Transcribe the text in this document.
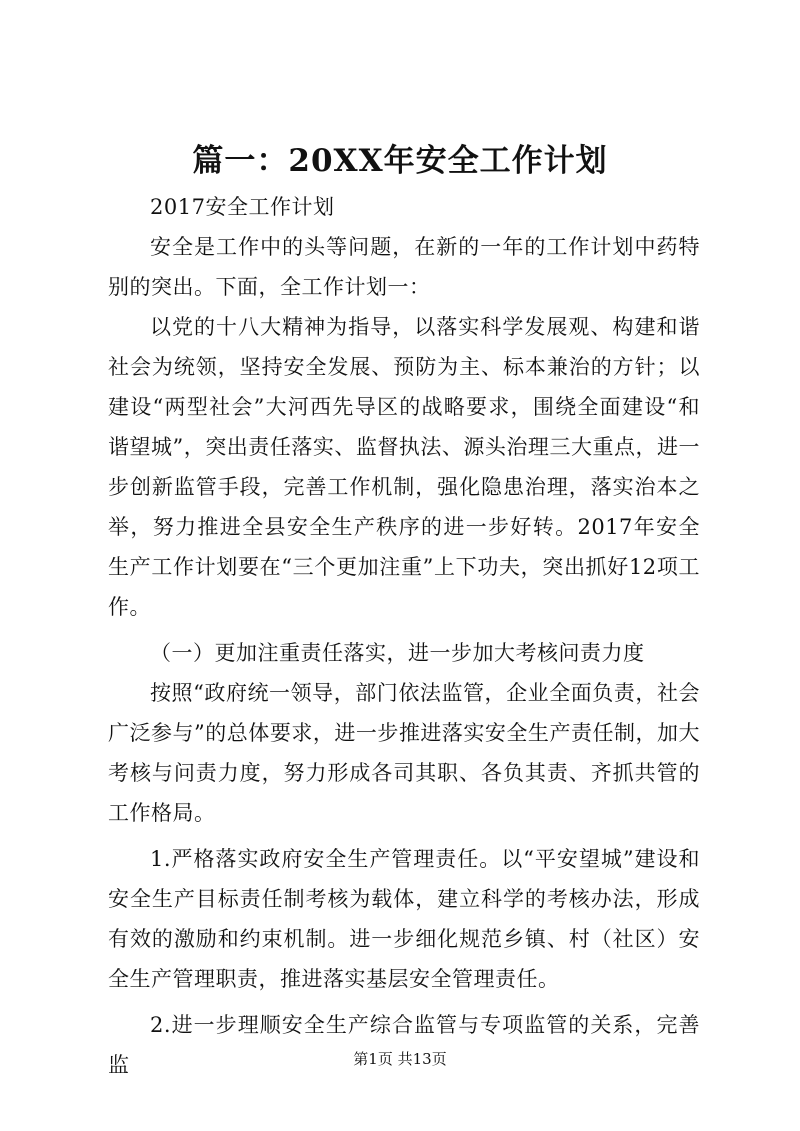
篇一：20XX年安全工作计划

2017安全工作计划

安全是工作中的头等问题，在新的一年的工作计划中药特别的突出。下面，全工作计划一：

以党的十八大精神为指导，以落实科学发展观、构建和谐社会为统领，坚持安全发展、预防为主、标本兼治的方针；以建设“两型社会”大河西先导区的战略要求，围绕全面建设“和谐望城”，突出责任落实、监督执法、源头治理三大重点，进一步创新监管手段，完善工作机制，强化隐患治理，落实治本之举，努力推进全县安全生产秩序的进一步好转。2017年安全生产工作计划要在“三个更加注重”上下功夫，突出抓好12项工作。

（一）更加注重责任落实，进一步加大考核问责力度

按照“政府统一领导，部门依法监管，企业全面负责，社会广泛参与”的总体要求，进一步推进落实安全生产责任制，加大考核与问责力度，努力形成各司其职、各负其责、齐抓共管的工作格局。

1.严格落实政府安全生产管理责任。以“平安望城”建设和安全生产目标责任制考核为载体，建立科学的考核办法，形成有效的激励和约束机制。进一步细化规范乡镇、村（社区）安全生产管理职责，推进落实基层安全管理责任。

2.进一步理顺安全生产综合监管与专项监管的关系，完善监	第1页 共13页
